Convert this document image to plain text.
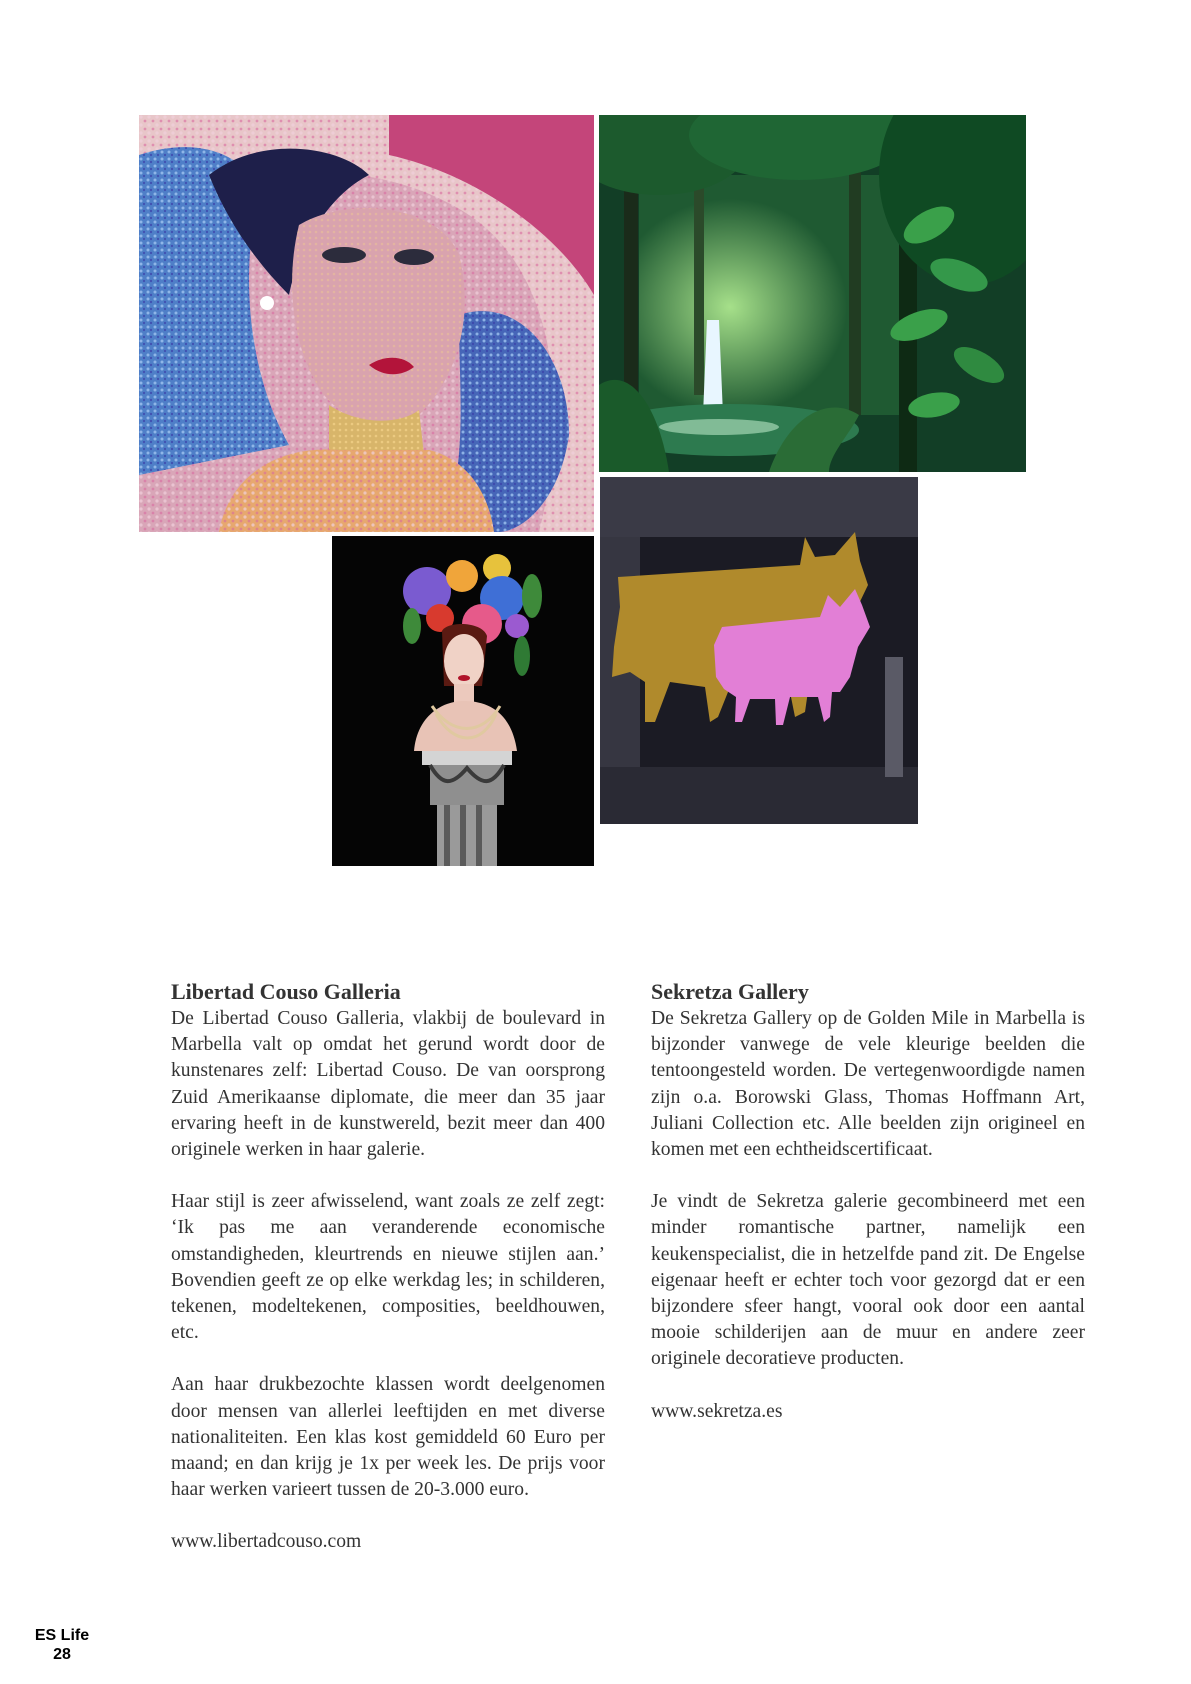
Libertad Couso Galleria

De Libertad Couso Galleria, vlakbij de boulevard in Marbella valt op omdat het gerund wordt door de kunstenares zelf: Libertad Couso. De van oorsprong Zuid Amerikaanse diplomate, die meer dan 35 jaar ervaring heeft in de kunstwereld, bezit meer dan 400 originele werken in haar galerie.

Haar stijl is zeer afwisselend, want zoals ze zelf zegt: ‘Ik pas me aan veranderende economische omstandigheden, kleurtrends en nieuwe stijlen aan.’ Bovendien geeft ze op elke werkdag les; in schilderen, tekenen, modeltekenen, composities, beeldhouwen, etc.

Aan haar drukbezochte klassen wordt deelgenomen door mensen van allerlei leeftijden en met diverse nationaliteiten. Een klas kost gemiddeld 60 Euro per maand; en dan krijg je 1x per week les. De prijs voor haar werken varieert tussen de 20-3.000 euro.

www.libertadcouso.com

Sekretza Gallery

De Sekretza Gallery op de Golden Mile in Marbella is bijzonder vanwege de vele kleurige beelden die tentoongesteld worden. De vertegenwoordigde namen zijn o.a. Borowski Glass, Thomas Hoffmann Art, Juliani Collection etc. Alle beelden zijn origineel en komen met een echtheidscertificaat.

Je vindt de Sekretza galerie gecombineerd met een minder romantische partner, namelijk een keukenspecialist, die in hetzelfde pand zit. De Engelse eigenaar heeft er echter toch voor gezorgd dat er een bijzondere sfeer hangt, vooral ook door een aantal mooie schilderijen aan de muur en andere zeer originele decoratieve producten.

www.sekretza.es

ES Life
28
